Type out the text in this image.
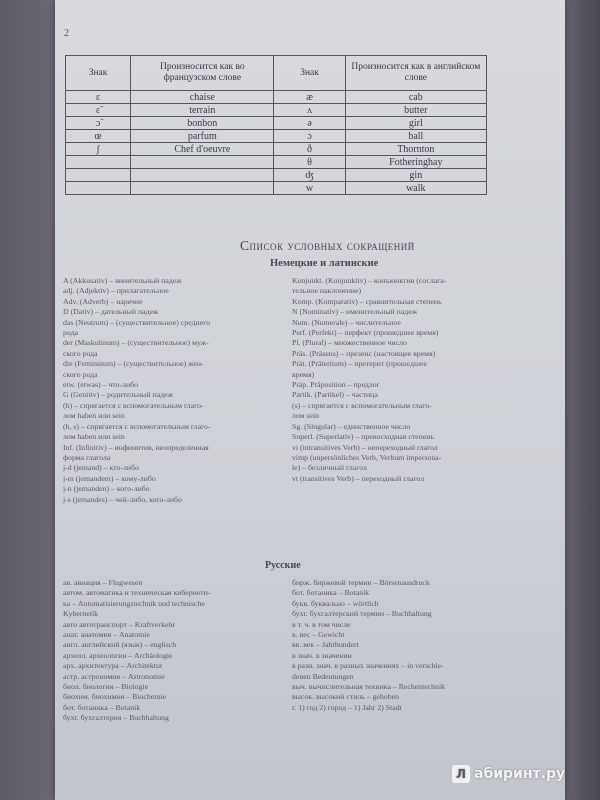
2
Знак	Произносится как во французском слове	Знак	Произносится как в английском слове
ɛ	chaise	æ	cab
ɛ̃	terrain	ʌ	butter
ɔ̃	bonbon	ə	girl
œ	parfum	ɔ	ball
ʃ	Chef d'oeuvre	ð	Thornton
		θ	Fotheringhay
		ʤ	gin
		w	walk
Список условных сокращений
Немецкие и латинские
A (Akkusativ) – винительный падеж
adj. (Adjektiv) – прилагательное
Adv. (Adverb) – наречие
D (Dativ) – дательный падеж
das (Neutrum) – (существительное) среднего
рода
der (Maskulinum) – (существительное) муж-
ского рода
die (Femininum) – (существительное) жен-
ского рода
etw. (etwas) – что-либо
G (Genitiv) – родительный падеж
(h) – спрягается с вспомогательным глаго-
лом haben или sein
(h, s) – спрягается с вспомогательным глаго-
лом haben или sein
Inf. (Infinitiv) – инфинитив, неопределенная
форма глагола
j-d (jemand) – кто-либо
j-m (jemandem) – кому-либо
j-n (jemanden) – кого-либо
j-s (jemandes) – чей-либо, кого-либо
Konjunkt. (Konjunktiv) – конъюнктив (сослага-
тельное наклонение)
Komp. (Komparativ) – сравнительная степень
N (Nominativ) – именительный падеж
Num. (Numerale) – числительное
Perf. (Perfekt) – перфект (прошедшее время)
Pl. (Plural) – множественное число
Präs. (Präsens) – презенс (настоящее время)
Prät. (Präteritum) – претерит (прошедшее
время)
Präp. Präposition – предлог
Partik. (Partikel) – частица
(s) – спрягается с вспомогательным глаго-
лом sein
Sg. (Singular) – единственное число
Superl. (Superlativ) – превосходная степень
vi (intransitives Verb) – непереходный глагол
vimp (unpersönliches Verb, Verbum impersona-
le) – безличный глагол
vt (transitives Verb) – переходный глагол
Русские
ав. авиация – Flugwesen
автом. автоматика и техническая кибернети-
ка – Automatisierungstechnik und technische
Kybernetik
авто автотранспорт – Kraftverkehr
анат. анатомия – Anatomie
англ. английский (язык) – englisch
археол. археология – Archäologie
арх. архитектура – Architektur
астр. астрономия – Astronomie
биол. биология – Biologie
биохим. биохимия – Biochemie
бот. ботаника – Botanik
бухг. бухгалтерия – Buchhaltung
бирж. биржевой термин – Börsenausdruck
бот. ботаника – Botanik
букв. буквально – wörtlich
бухг. бухгалтерский термин – Buchhaltung
в т. ч. в том числе
в. вес – Gewicht
вв. век – Jahrhundert
в знач. в значении
в разн. знач. в разных значениях – in verschie-
denen Bedeutungen
выч. вычислительная техника – Rechentechnik
высок. высокий стиль – gehoben
г. 1) год 2) город – 1) Jahr 2) Stadt
Л абиринт.ру
